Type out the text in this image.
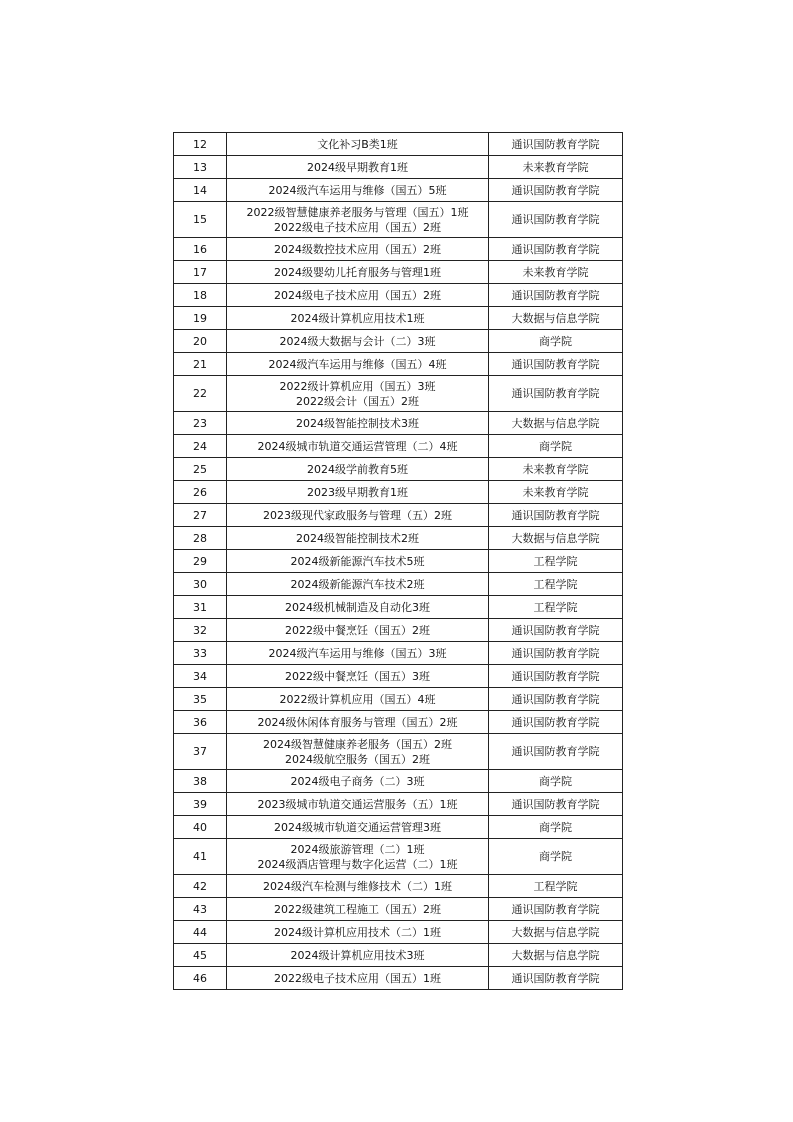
12	文化补习B类1班	通识国防教育学院
13	2024级早期教育1班	未来教育学院
14	2024级汽车运用与维修（国五）5班	通识国防教育学院
15	2022级智慧健康养老服务与管理（国五）1班
2022级电子技术应用（国五）2班	通识国防教育学院
16	2024级数控技术应用（国五）2班	通识国防教育学院
17	2024级婴幼儿托育服务与管理1班	未来教育学院
18	2024级电子技术应用（国五）2班	通识国防教育学院
19	2024级计算机应用技术1班	大数据与信息学院
20	2024级大数据与会计（二）3班	商学院
21	2024级汽车运用与维修（国五）4班	通识国防教育学院
22	2022级计算机应用（国五）3班
2022级会计（国五）2班	通识国防教育学院
23	2024级智能控制技术3班	大数据与信息学院
24	2024级城市轨道交通运营管理（二）4班	商学院
25	2024级学前教育5班	未来教育学院
26	2023级早期教育1班	未来教育学院
27	2023级现代家政服务与管理（五）2班	通识国防教育学院
28	2024级智能控制技术2班	大数据与信息学院
29	2024级新能源汽车技术5班	工程学院
30	2024级新能源汽车技术2班	工程学院
31	2024级机械制造及自动化3班	工程学院
32	2022级中餐烹饪（国五）2班	通识国防教育学院
33	2024级汽车运用与维修（国五）3班	通识国防教育学院
34	2022级中餐烹饪（国五）3班	通识国防教育学院
35	2022级计算机应用（国五）4班	通识国防教育学院
36	2024级休闲体育服务与管理（国五）2班	通识国防教育学院
37	2024级智慧健康养老服务（国五）2班
2024级航空服务（国五）2班	通识国防教育学院
38	2024级电子商务（二）3班	商学院
39	2023级城市轨道交通运营服务（五）1班	通识国防教育学院
40	2024级城市轨道交通运营管理3班	商学院
41	2024级旅游管理（二）1班
2024级酒店管理与数字化运营（二）1班	商学院
42	2024级汽车检测与维修技术（二）1班	工程学院
43	2022级建筑工程施工（国五）2班	通识国防教育学院
44	2024级计算机应用技术（二）1班	大数据与信息学院
45	2024级计算机应用技术3班	大数据与信息学院
46	2022级电子技术应用（国五）1班	通识国防教育学院
